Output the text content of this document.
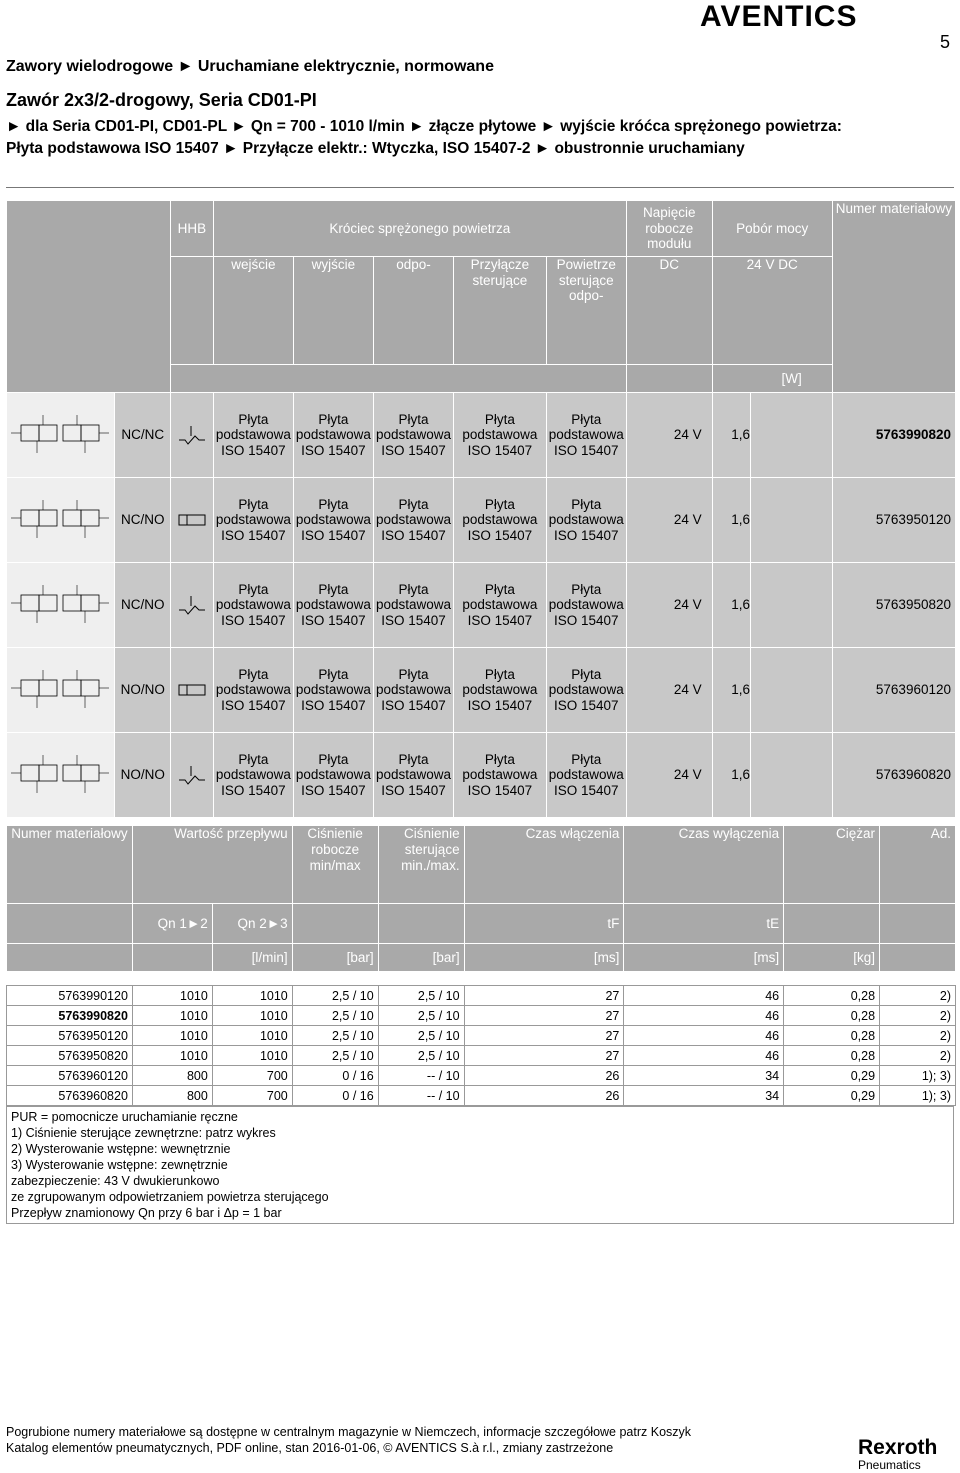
AVENTICS
5
Zawory wielodrogowe ► Uruchamiane elektrycznie, normowane
Zawór 2x3/2-drogowy, Seria CD01-PI
► dla Seria CD01-PI, CD01-PL ► Qn = 700 - 1010 l/min ► złącze płytowe ► wyjście króćca sprężonego powietrza:
Płyta podstawowa ISO 15407 ► Przyłącze elektr.: Wtyczka, ISO 15407-2 ► obustronnie uruchamiany
		HHB	Króciec sprężonego powietrza					Napięcie robocze modułu	Pobór mocy		Numer materiałowy
			wejście	wyjście	odpo-	Przyłącze sterujące	Powietrze sterujące odpo-	DC	24 V DC		
									[W]		

	NC/NC		Płyta podstawowa ISO 15407	Płyta podstawowa ISO 15407	Płyta podstawowa ISO 15407	Płyta podstawowa ISO 15407	Płyta podstawowa ISO 15407	24 V	1,6		5763990820

	NC/NO		Płyta podstawowa ISO 15407	Płyta podstawowa ISO 15407	Płyta podstawowa ISO 15407	Płyta podstawowa ISO 15407	Płyta podstawowa ISO 15407	24 V	1,6		5763950120

	NC/NO		Płyta podstawowa ISO 15407	Płyta podstawowa ISO 15407	Płyta podstawowa ISO 15407	Płyta podstawowa ISO 15407	Płyta podstawowa ISO 15407	24 V	1,6		5763950820

	NO/NO		Płyta podstawowa ISO 15407	Płyta podstawowa ISO 15407	Płyta podstawowa ISO 15407	Płyta podstawowa ISO 15407	Płyta podstawowa ISO 15407	24 V	1,6		5763960120

	NO/NO		Płyta podstawowa ISO 15407	Płyta podstawowa ISO 15407	Płyta podstawowa ISO 15407	Płyta podstawowa ISO 15407	Płyta podstawowa ISO 15407	24 V	1,6		5763960820
Numer materiałowy	Wartość przepływu		Ciśnienie robocze min/max	Ciśnienie sterujące min./max.	Czas włączenia	Czas wyłączenia	Ciężar	Ad.
	Qn 1►2	Qn 2►3			tF	tE		
		[l/min]	[bar]	[bar]	[ms]	[ms]	[kg]	
5763990120	1010	1010	2,5 / 10	2,5 / 10	27	46	0,28	2)
5763990820	1010	1010	2,5 / 10	2,5 / 10	27	46	0,28	2)
5763950120	1010	1010	2,5 / 10	2,5 / 10	27	46	0,28	2)
5763950820	1010	1010	2,5 / 10	2,5 / 10	27	46	0,28	2)
5763960120	800	700	0 / 16	-- / 10	26	34	0,29	1); 3)
5763960820	800	700	0 / 16	-- / 10	26	34	0,29	1); 3)
PUR = pomocnicze uruchamianie ręczne
1) Ciśnienie sterujące zewnętrzne: patrz wykres
2) Wysterowanie wstępne: wewnętrznie
3) Wysterowanie wstępne: zewnętrznie
zabezpieczenie: 43 V dwukierunkowo
ze zgrupowanym odpowietrzaniem powietrza sterującego
Przepływ znamionowy Qn przy 6 bar i Δp = 1 bar
Pogrubione numery materiałowe są dostępne w centralnym magazynie w Niemczech, informacje szczegółowe patrz Koszyk
Katalog elementów pneumatycznych, PDF online, stan 2016-01-06, © AVENTICS S.à r.l., zmiany zastrzeżone	Rexroth
Pneumatics
